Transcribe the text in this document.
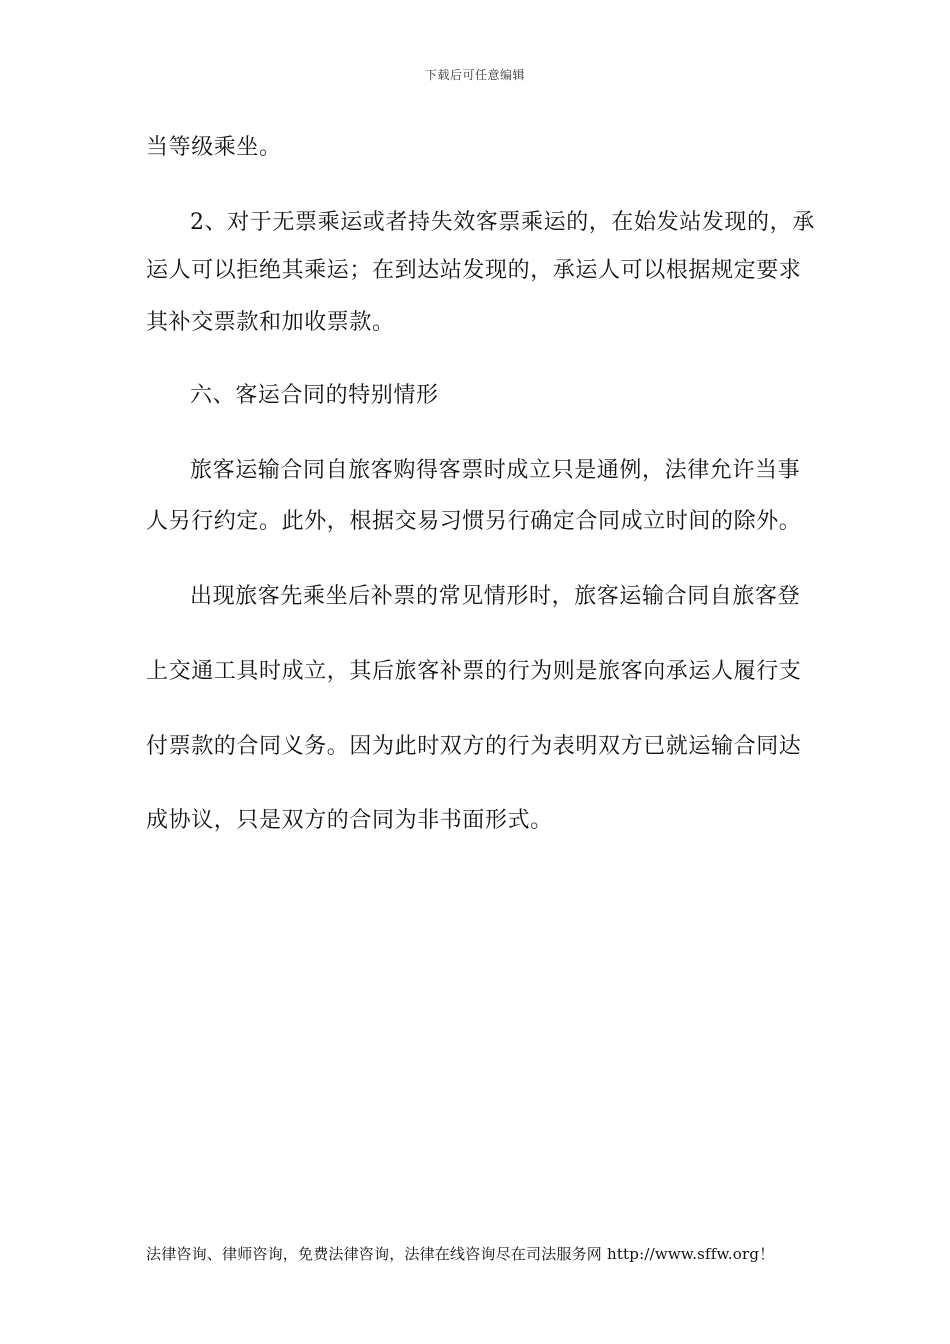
下载后可任意编辑
当等级乘坐。
2、对于无票乘运或者持失效客票乘运的，在始发站发现的，承
运人可以拒绝其乘运；在到达站发现的，承运人可以根据规定要求
其补交票款和加收票款。
六、客运合同的特别情形
旅客运输合同自旅客购得客票时成立只是通例，法律允许当事
人另行约定。此外，根据交易习惯另行确定合同成立时间的除外。
出现旅客先乘坐后补票的常见情形时，旅客运输合同自旅客登
上交通工具时成立，其后旅客补票的行为则是旅客向承运人履行支
付票款的合同义务。因为此时双方的行为表明双方已就运输合同达
成协议，只是双方的合同为非书面形式。
法律咨询、律师咨询，免费法律咨询，法律在线咨询尽在司法服务网 http://www.sffw.org！
